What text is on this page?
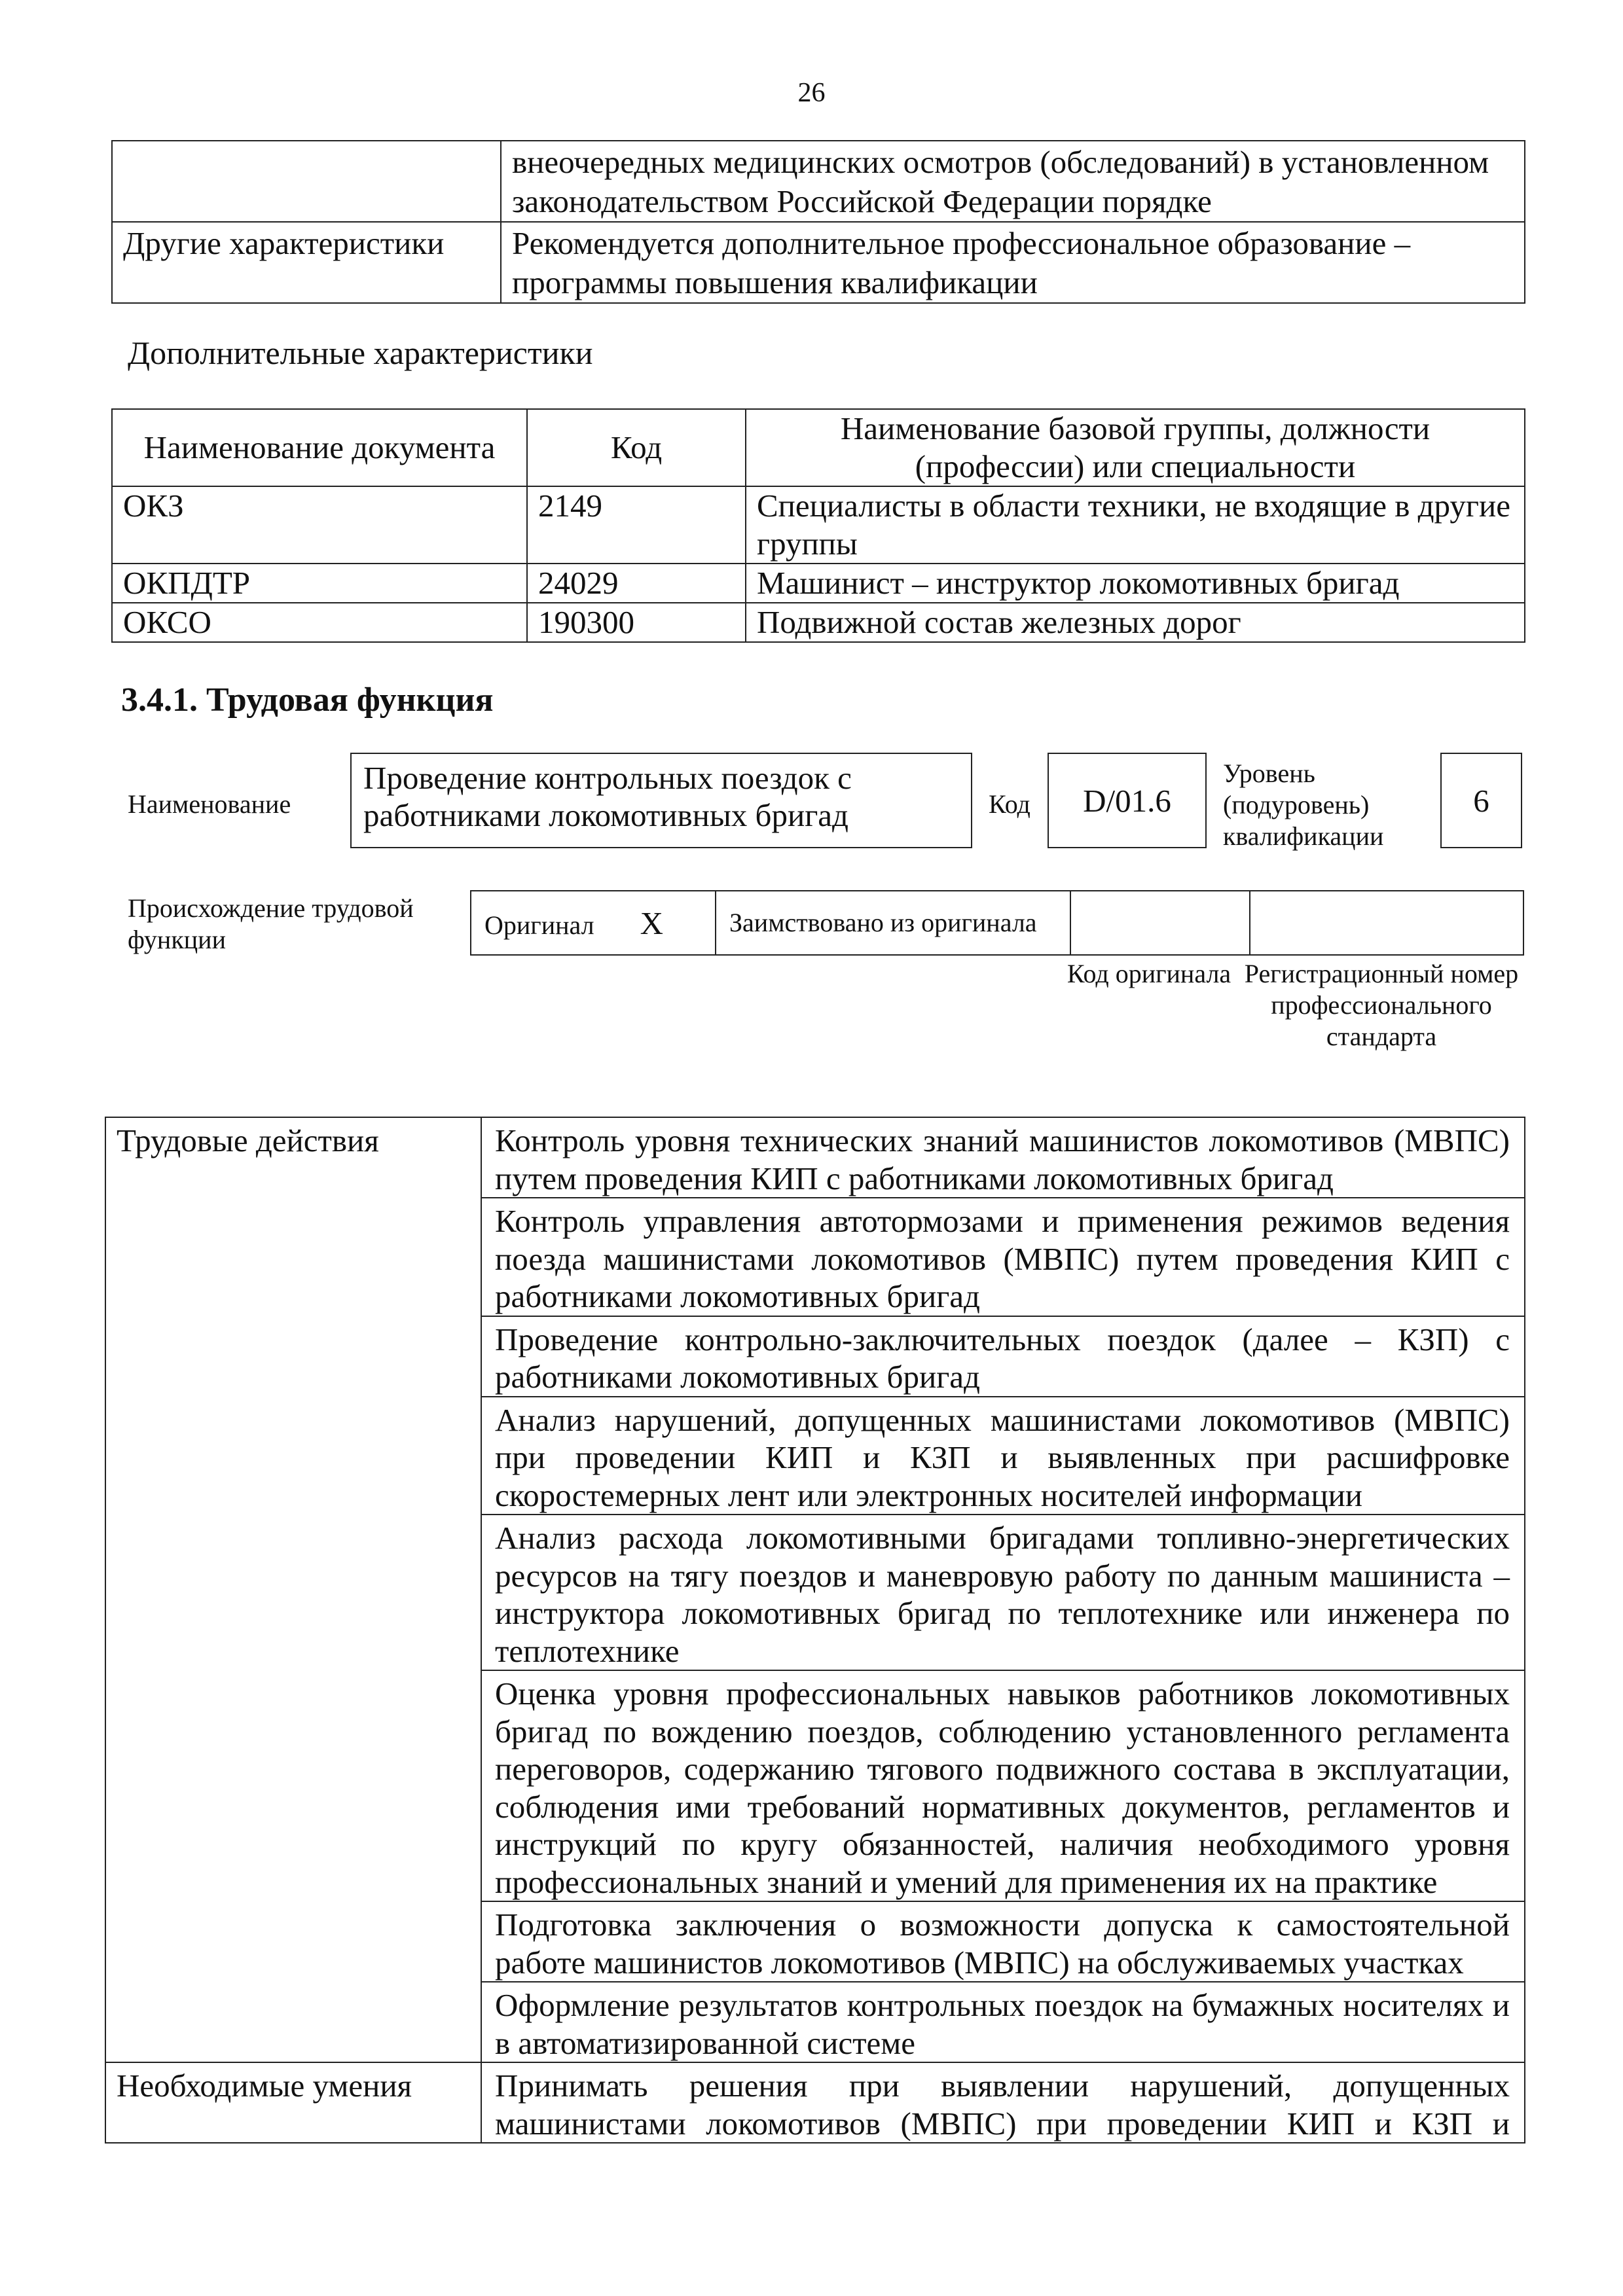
26
	внеочередных медицинских осмотров (обследований) в установленном законодательством Российской Федерации порядке
Другие характеристики	Рекомендуется дополнительное профессиональное образование – программы повышения квалификации
Дополнительные характеристики
Наименование документа	Код	Наименование базовой группы, должности (профессии) или специальности
ОКЗ	2149	Специалисты в области техники, не входящие в другие группы
ОКПДТР	24029	Машинист – инструктор локомотивных бригад
ОКСО	190300	Подвижной состав железных дорог
3.4.1. Трудовая функция
Наименование
Проведение контрольных поездок с работниками локомотивных бригад	Код D/01.6
Уровень (подуровень) квалификации
6
Происхождение трудовой функции	Оригинал X	Заимствовано из оригинала		
Код оригинала Регистрационный номер профессионального стандарта
Трудовые действия	Контроль уровня технических знаний машинистов локомотивов (МВПС) путем проведения КИП с работниками локомотивных бригад
	Контроль управления автотормозами и применения режимов ведения поезда машинистами локомотивов (МВПС) путем проведения КИП с работниками локомотивных бригад
	Проведение контрольно-заключительных поездок (далее – КЗП) с работниками локомотивных бригад
	Анализ нарушений, допущенных машинистами локомотивов (МВПС) при проведении КИП и КЗП и выявленных при расшифровке скоростемерных лент или электронных носителей информации
	Анализ расхода локомотивными бригадами топливно-энергетических ресурсов на тягу поездов и маневровую работу по данным машиниста – инструктора локомотивных бригад по теплотехнике или инженера по теплотехнике
	Оценка уровня профессиональных навыков работников локомотивных бригад по вождению поездов, соблюдению установленного регламента переговоров, содержанию тягового подвижного состава в эксплуатации, соблюдения ими требований нормативных документов, регламентов и инструкций по кругу обязанностей, наличия необходимого уровня профессиональных знаний и умений для применения их на практике
	Подготовка заключения о возможности допуска к самостоятельной работе машинистов локомотивов (МВПС) на обслуживаемых участках
	Оформление результатов контрольных поездок на бумажных носителях и в автоматизированной системе
Необходимые умения	Принимать решения при выявлении нарушений, допущенных машинистами локомотивов (МВПС) при проведении КИП и КЗП и
